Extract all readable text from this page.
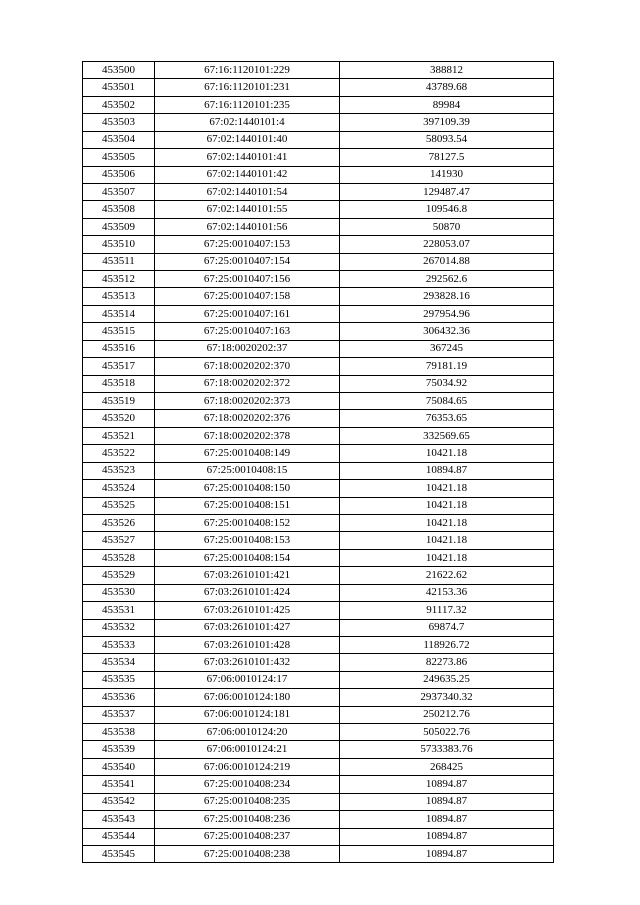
453500	67:16:1120101:229	388812
453501	67:16:1120101:231	43789.68
453502	67:16:1120101:235	89984
453503	67:02:1440101:4	397109.39
453504	67:02:1440101:40	58093.54
453505	67:02:1440101:41	78127.5
453506	67:02:1440101:42	141930
453507	67:02:1440101:54	129487.47
453508	67:02:1440101:55	109546.8
453509	67:02:1440101:56	50870
453510	67:25:0010407:153	228053.07
453511	67:25:0010407:154	267014.88
453512	67:25:0010407:156	292562.6
453513	67:25:0010407:158	293828.16
453514	67:25:0010407:161	297954.96
453515	67:25:0010407:163	306432.36
453516	67:18:0020202:37	367245
453517	67:18:0020202:370	79181.19
453518	67:18:0020202:372	75034.92
453519	67:18:0020202:373	75084.65
453520	67:18:0020202:376	76353.65
453521	67:18:0020202:378	332569.65
453522	67:25:0010408:149	10421.18
453523	67:25:0010408:15	10894.87
453524	67:25:0010408:150	10421.18
453525	67:25:0010408:151	10421.18
453526	67:25:0010408:152	10421.18
453527	67:25:0010408:153	10421.18
453528	67:25:0010408:154	10421.18
453529	67:03:2610101:421	21622.62
453530	67:03:2610101:424	42153.36
453531	67:03:2610101:425	91117.32
453532	67:03:2610101:427	69874.7
453533	67:03:2610101:428	118926.72
453534	67:03:2610101:432	82273.86
453535	67:06:0010124:17	249635.25
453536	67:06:0010124:180	2937340.32
453537	67:06:0010124:181	250212.76
453538	67:06:0010124:20	505022.76
453539	67:06:0010124:21	5733383.76
453540	67:06:0010124:219	268425
453541	67:25:0010408:234	10894.87
453542	67:25:0010408:235	10894.87
453543	67:25:0010408:236	10894.87
453544	67:25:0010408:237	10894.87
453545	67:25:0010408:238	10894.87
